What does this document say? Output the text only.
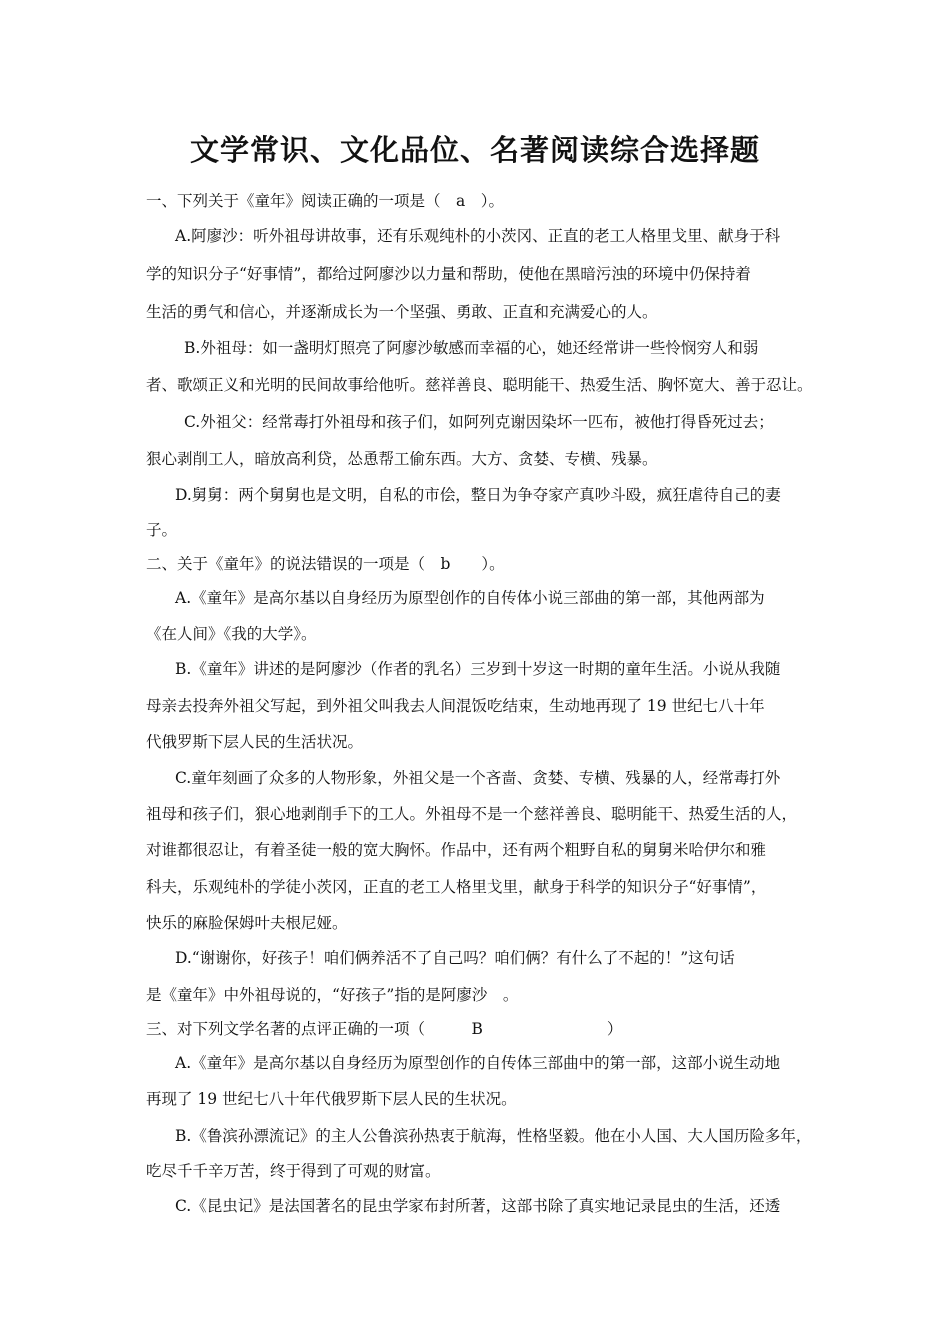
文学常识、文化品位、名著阅读综合选择题
一、下列关于《童年》阅读正确的一项是（　a　）。
A.阿廖沙：听外祖母讲故事，还有乐观纯朴的小茨冈、正直的老工人格里戈里、献身于科
学的知识分子“好事情”，都给过阿廖沙以力量和帮助，使他在黑暗污浊的环境中仍保持着
生活的勇气和信心，并逐渐成长为一个坚强、勇敢、正直和充满爱心的人。
B.外祖母：如一盏明灯照亮了阿廖沙敏感而幸福的心，她还经常讲一些怜悯穷人和弱
者、歌颂正义和光明的民间故事给他听。慈祥善良、聪明能干、热爱生活、胸怀宽大、善于忍让。
C.外祖父：经常毒打外祖母和孩子们，如阿列克谢因染坏一匹布，被他打得昏死过去；
狠心剥削工人，暗放高利贷，怂恿帮工偷东西。大方、贪婪、专横、残暴。
D.舅舅：两个舅舅也是文明，自私的市侩，整日为争夺家产真吵斗殴，疯狂虐待自己的妻
子。
二、关于《童年》的说法错误的一项是（　b　　）。
A.《童年》是高尔基以自身经历为原型创作的自传体小说三部曲的第一部，其他两部为
《在人间》《我的大学》。
B.《童年》讲述的是阿廖沙（作者的乳名）三岁到十岁这一时期的童年生活。小说从我随
母亲去投奔外祖父写起，到外祖父叫我去人间混饭吃结束，生动地再现了 19 世纪七八十年
代俄罗斯下层人民的生活状况。
C.童年刻画了众多的人物形象，外祖父是一个吝啬、贪婪、专横、残暴的人，经常毒打外
祖母和孩子们，狠心地剥削手下的工人。外祖母不是一个慈祥善良、聪明能干、热爱生活的人，
对谁都很忍让，有着圣徒一般的宽大胸怀。作品中，还有两个粗野自私的舅舅米哈伊尔和雅
科夫，乐观纯朴的学徒小茨冈，正直的老工人格里戈里，献身于科学的知识分子“好事情”，
快乐的麻脸保姆叶夫根尼娅。
D.“谢谢你，好孩子！咱们俩养活不了自己吗？咱们俩？有什么了不起的！”这句话
是《童年》中外祖母说的，“好孩子”指的是阿廖沙　。
三、对下列文学名著的点评正确的一项（　　　B　　　　　　　　）
A.《童年》是高尔基以自身经历为原型创作的自传体三部曲中的第一部，这部小说生动地
再现了 19 世纪七八十年代俄罗斯下层人民的生状况。
B.《鲁滨孙漂流记》的主人公鲁滨孙热衷于航海，性格坚毅。他在小人国、大人国历险多年，
吃尽千千辛万苦，终于得到了可观的财富。
C.《昆虫记》是法国著名的昆虫学家布封所著，这部书除了真实地记录昆虫的生活，还透
